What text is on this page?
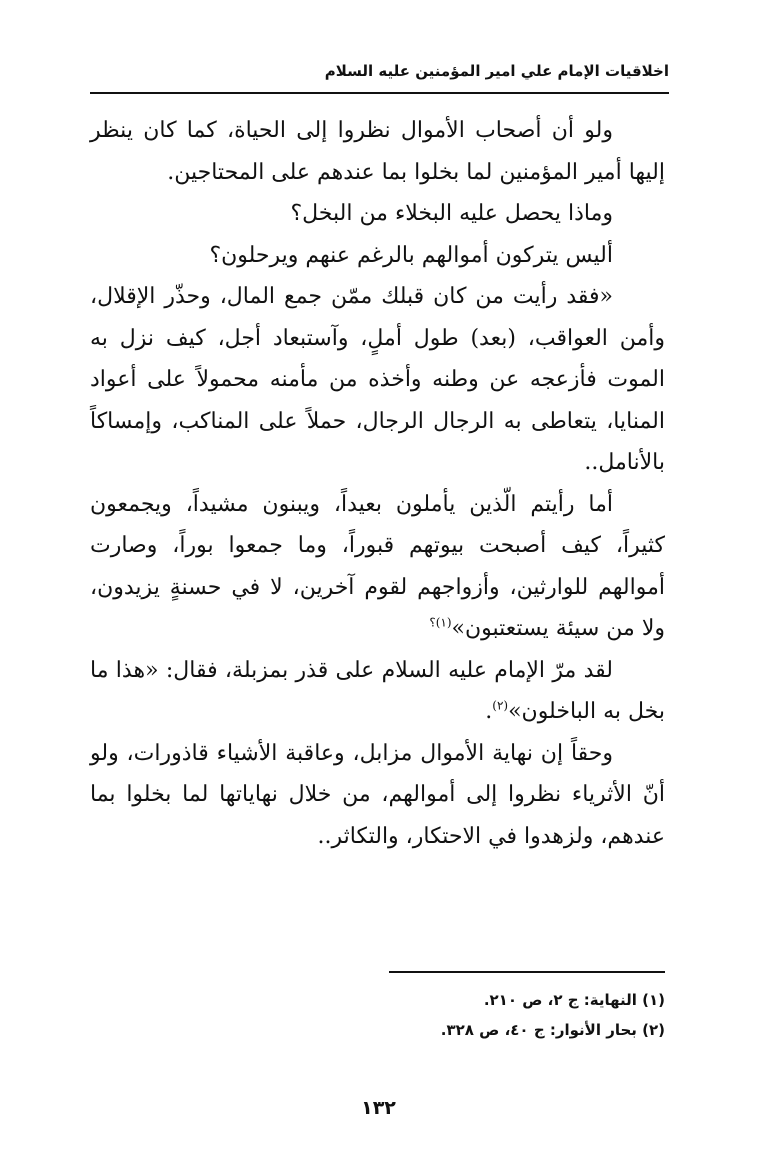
اخلاقيات الإمام علي امير المؤمنين عليه السلام

ولو أن أصحاب الأموال نظروا إلى الحياة، كما كان ينظر إليها أمير المؤمنين لما بخلوا بما عندهم على المحتاجين.

وماذا يحصل عليه البخلاء من البخل؟

أليس يتركون أموالهم بالرغم عنهم ويرحلون؟

«فقد رأيت من كان قبلك ممّن جمع المال، وحذّر الإقلال، وأمن العواقب، (بعد) طول أملٍ، وآستبعاد أجل، كيف نزل به الموت فأزعجه عن وطنه وأخذه من مأمنه محمولاً على أعواد المنايا، يتعاطى به الرجال الرجال، حملاً على المناكب، وإمساكاً بالأنامل..

أما رأيتم الّذين يأملون بعيداً، ويبنون مشيداً، ويجمعون كثيراً، كيف أصبحت بيوتهم قبوراً، وما جمعوا بوراً، وصارت أموالهم للوارثين، وأزواجهم لقوم آخرين، لا في حسنةٍ يزيدون، ولا من سيئة يستعتبون»$^{(١)؟}$

لقد مرّ الإمام عليه السلام على قذر بمزبلة، فقال: «هذا ما بخل به الباخلون»$^{(٢)}$.

وحقاً إن نهاية الأموال مزابل، وعاقبة الأشياء قاذورات، ولو أنّ الأثرياء نظروا إلى أموالهم، من خلال نهاياتها لما بخلوا بما عندهم، ولزهدوا في الاحتكار، والتكاثر..

(١) النهاية: ج ٢، ص ٢١٠.
(٢) بحار الأنوار: ج ٤٠، ص ٣٢٨.
١٣٢
